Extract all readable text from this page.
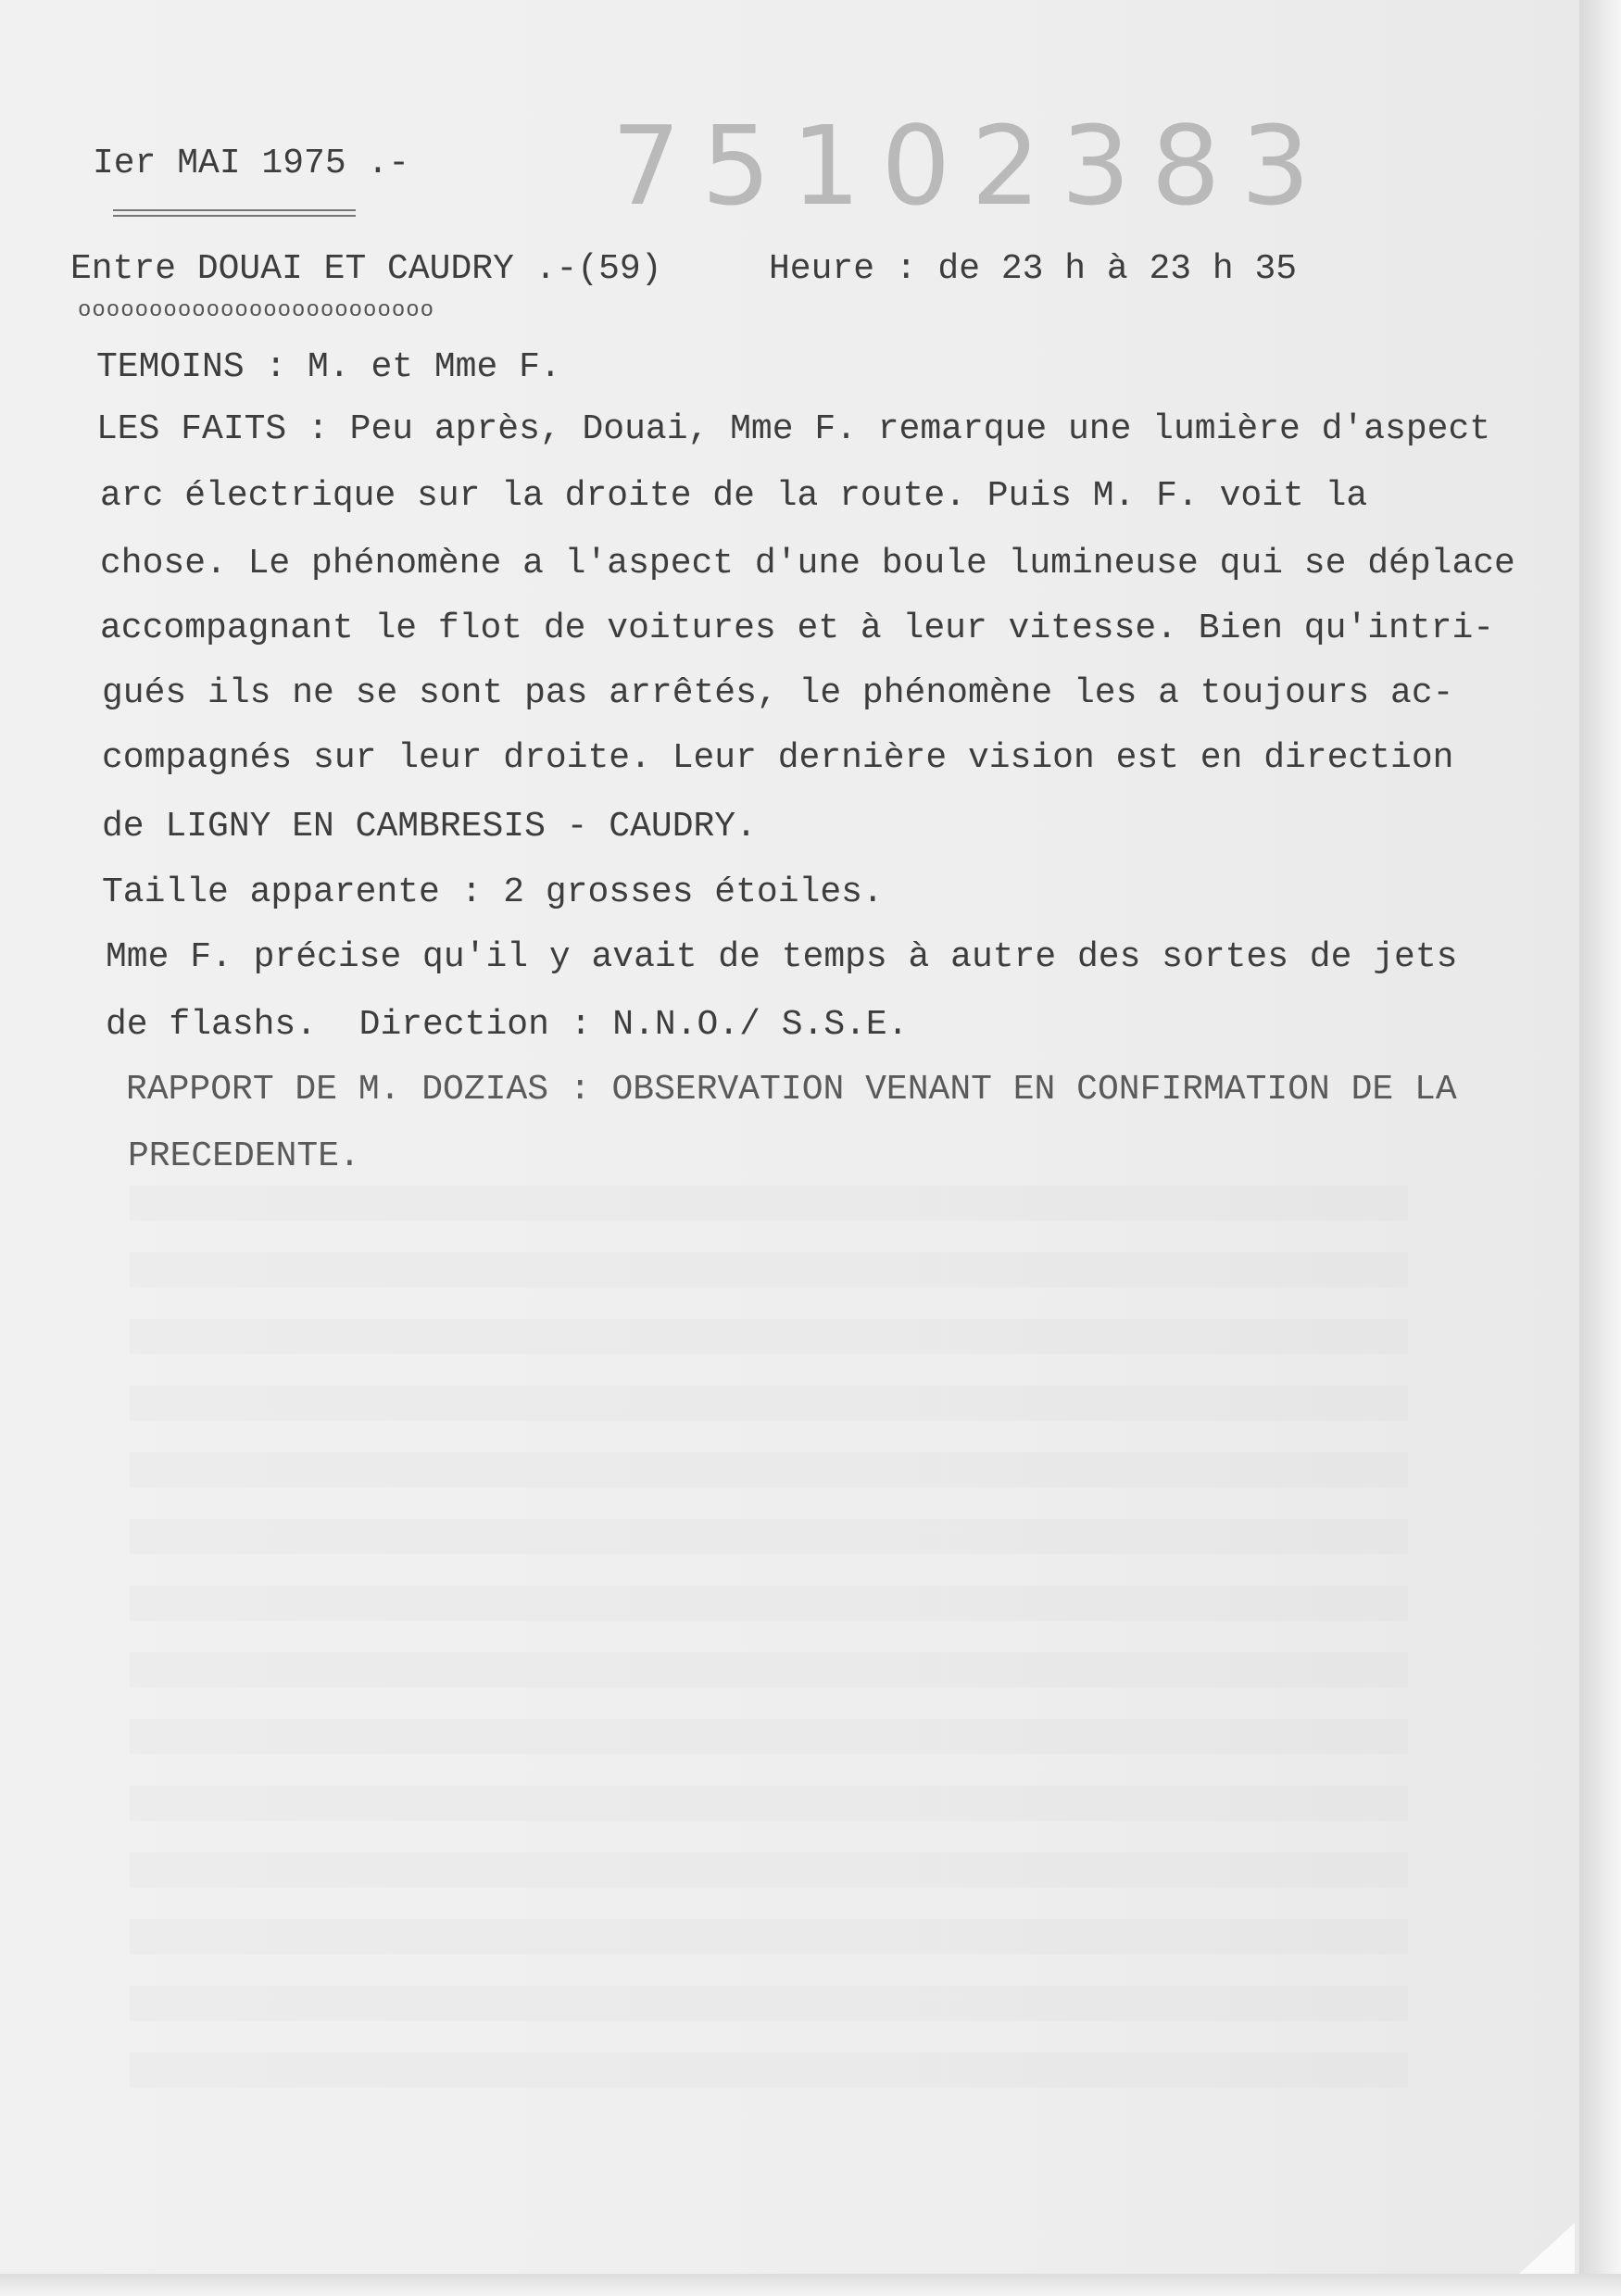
Ier MAI 1975 .- 75102383
Entre DOUAI ET CAUDRY .-(59)	Heure : de 23 h à 23 h 35
ooooooooooooooooooooooooo
TEMOINS : M. et Mme F.
LES FAITS : Peu après, Douai, Mme F. remarque une lumière d'aspect
arc électrique sur la droite de la route. Puis M. F. voit la
chose. Le phénomène a l'aspect d'une boule lumineuse qui se déplace
accompagnant le flot de voitures et à leur vitesse. Bien qu'intri-
gués ils ne se sont pas arrêtés, le phénomène les a toujours ac-
compagnés sur leur droite. Leur dernière vision est en direction
de LIGNY EN CAMBRESIS - CAUDRY.
Taille apparente : 2 grosses étoiles.
Mme F. précise qu'il y avait de temps à autre des sortes de jets
de flashs.  Direction : N.N.O./ S.S.E.
RAPPORT DE M. DOZIAS : OBSERVATION VENANT EN CONFIRMATION DE LA
PRECEDENTE.
